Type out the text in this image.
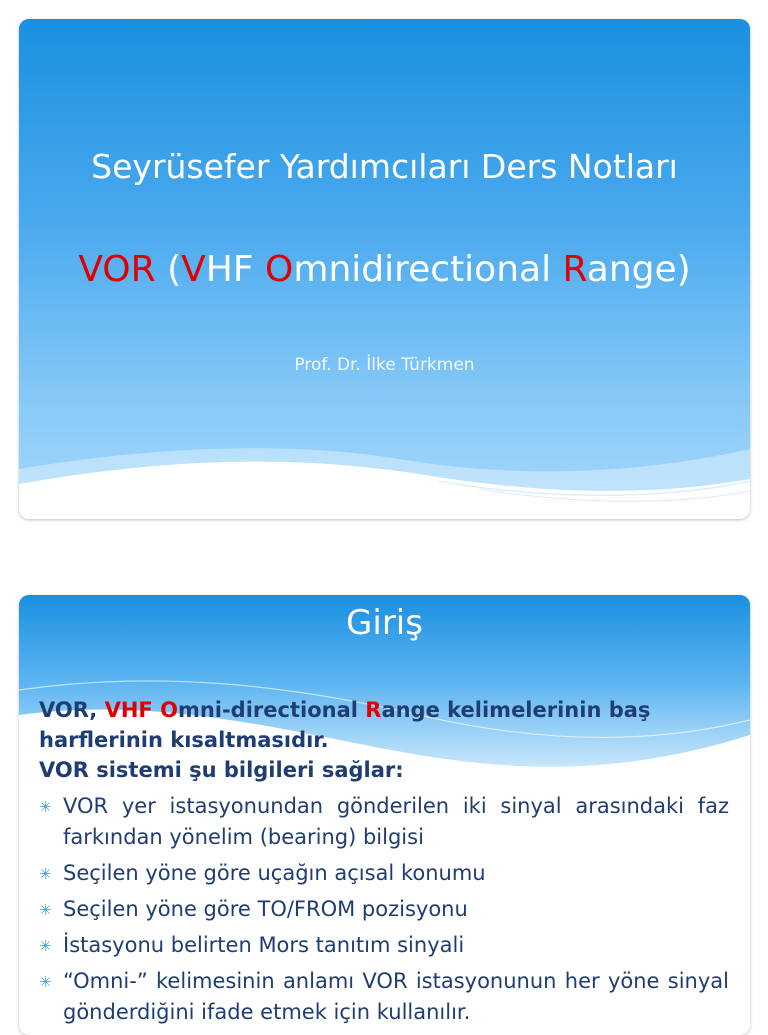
Seyrüsefer Yardımcıları Ders Notları
VOR (VHF Omnidirectional Range)

Prof. Dr. İlke Türkmen

Giriş
VOR, VHF Omni-directional Range kelimelerinin baş harflerinin kısaltmasıdır.
VOR sistemi şu bilgileri sağlar:
✳ VOR yer istasyonundan gönderilen iki sinyal arasındaki faz farkından yönelim (bearing) bilgisi
✳ Seçilen yöne göre uçağın açısal konumu
✳ Seçilen yöne göre TO/FROM pozisyonu
✳ İstasyonu belirten Mors tanıtım sinyali
✳ “Omni-” kelimesinin anlamı VOR istasyonunun her yöne sinyal gönderdiğini ifade etmek için kullanılır.
